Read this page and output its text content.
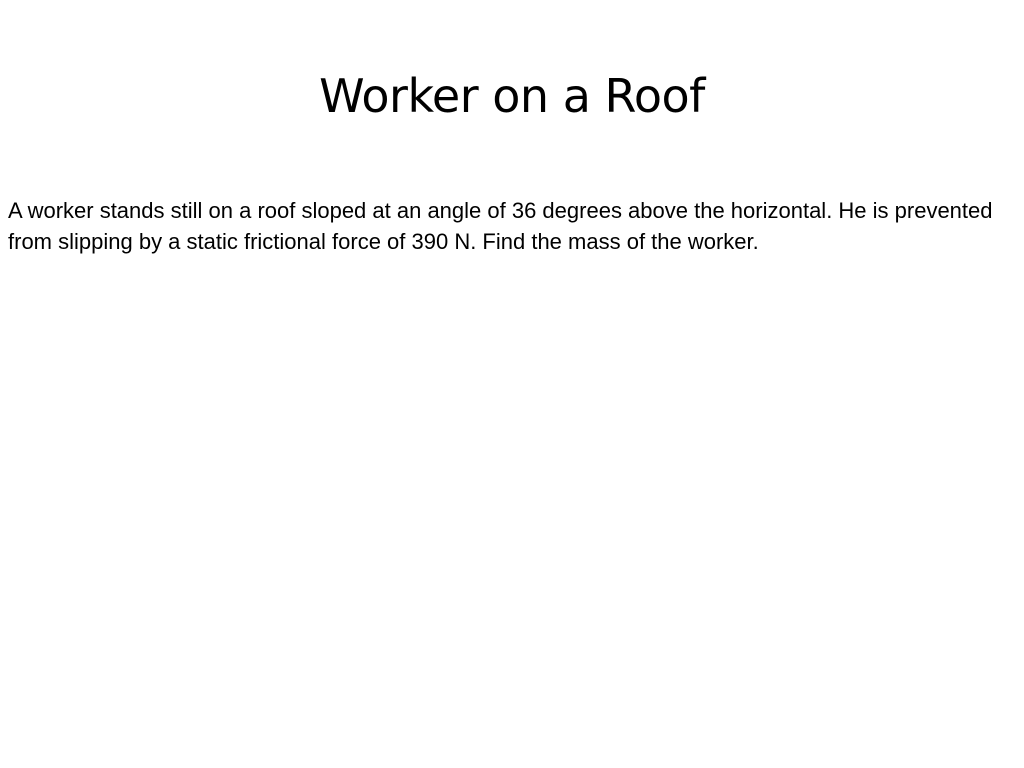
Worker on a Roof

A worker stands still on a roof sloped at an angle of 36 degrees above the horizontal. He is prevented from slipping by a static frictional force of 390 N. Find the mass of the worker.
